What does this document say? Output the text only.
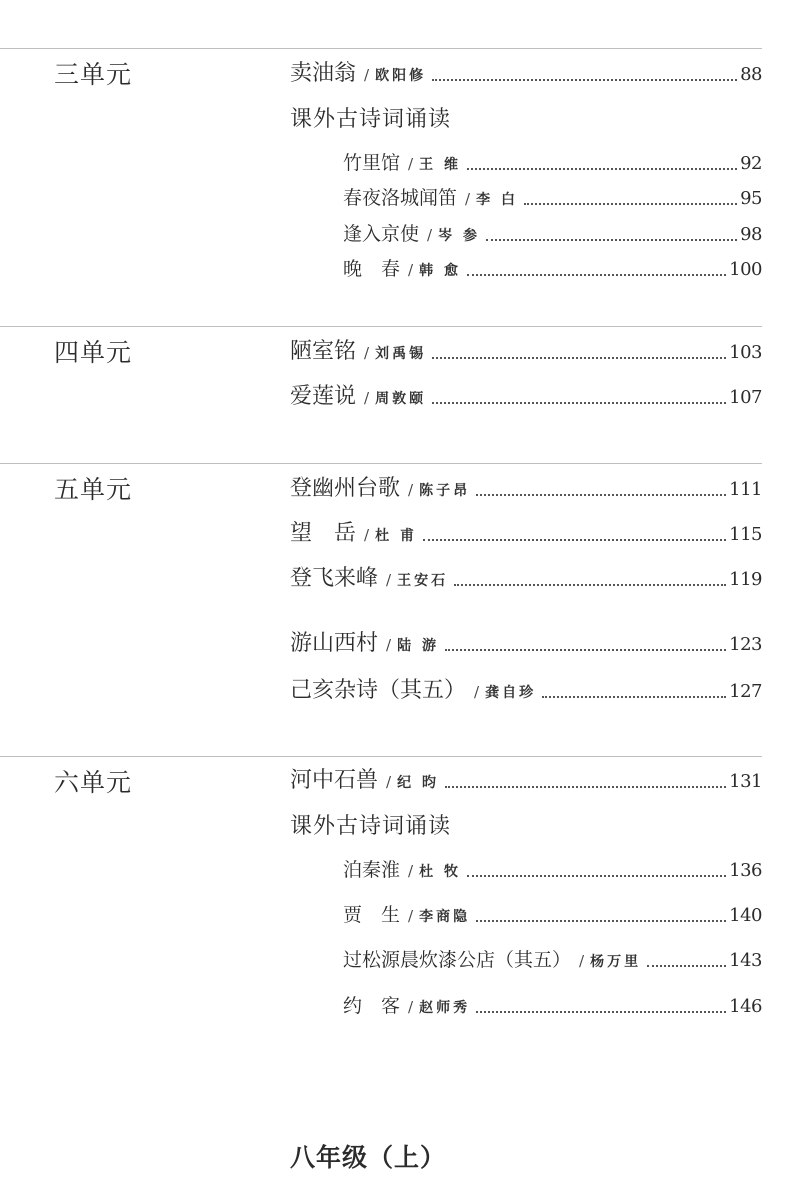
三单元	卖油翁 / 欧阳修	88
课外古诗词诵读
竹里馆 / 王 维	92
春夜洛城闻笛 / 李 白	95
逢入京使 / 岑 参	98
晚　春 / 韩 愈	100
四单元	陋室铭 / 刘禹锡	103
爱莲说 / 周敦颐	107
五单元	登幽州台歌 / 陈子昂	111
望　岳 / 杜 甫	115
登飞来峰 / 王安石	119
游山西村 / 陆 游	123
己亥杂诗（其五） / 龚自珍	127
六单元	河中石兽 / 纪 昀	131
课外古诗词诵读
泊秦淮 / 杜 牧	136
贾　生 / 李商隐	140
过松源晨炊漆公店（其五） / 杨万里	143
约　客 / 赵师秀	146
八年级（上）
